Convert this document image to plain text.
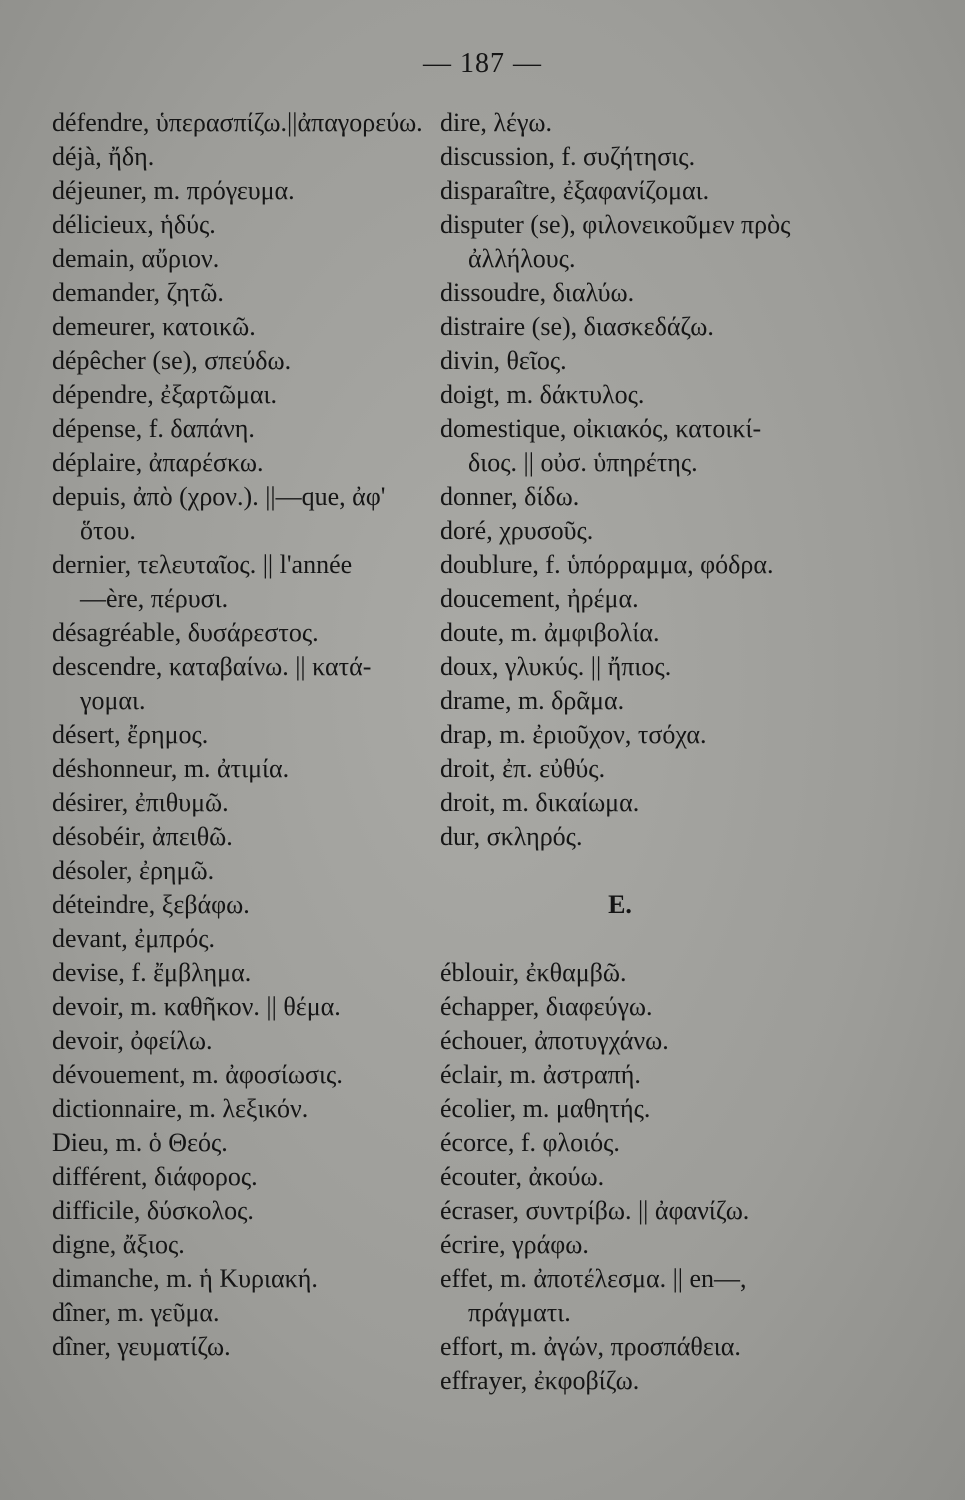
— 187 —
défendre, ὑπερασπίζω.||ἀπαγορεύω.
déjà, ἤδη.
déjeuner, m. πρόγευμα.
délicieux, ἡδύς.
demain, αὔριον.
demander, ζητῶ.
demeurer, κατοικῶ.
dépêcher (se), σπεύδω.
dépendre, ἐξαρτῶμαι.
dépense, f. δαπάνη.
déplaire, ἀπαρέσκω.
depuis, ἀπὸ (χρον.). ||—que, ἀφ'
ὅτου.
dernier, τελευταῖος. || l'année
—ère, πέρυσι.
désagréable, δυσάρεστος.
descendre, καταβαίνω. || κατά-
γομαι.
désert, ἔρημος.
déshonneur, m. ἀτιμία.
désirer, ἐπιθυμῶ.
désobéir, ἀπειθῶ.
désoler, ἐρημῶ.
déteindre, ξεβάφω.
devant, ἐμπρός.
devise, f. ἔμβλημα.
devoir, m. καθῆκον. || θέμα.
devoir, ὀφείλω.
dévouement, m. ἀφοσίωσις.
dictionnaire, m. λεξικόν.
Dieu, m. ὁ Θεός.
différent, διάφορος.
difficile, δύσκολος.
digne, ἄξιος.
dimanche, m. ἡ Κυριακή.
dîner, m. γεῦμα.
dîner, γευματίζω.
dire, λέγω.
discussion, f. συζήτησις.
disparaître, ἐξαφανίζομαι.
disputer (se), φιλονεικοῦμεν πρὸς
ἀλλήλους.
dissoudre, διαλύω.
distraire (se), διασκεδάζω.
divin, θεῖος.
doigt, m. δάκτυλος.
domestique, οἰκιακός, κατοικί-
διος. || οὐσ. ὑπηρέτης.
donner, δίδω.
doré, χρυσοῦς.
doublure, f. ὑπόρραμμα, φόδρα.
doucement, ἠρέμα.
doute, m. ἀμφιβολία.
doux, γλυκύς. || ἤπιος.
drame, m. δρᾶμα.
drap, m. ἐριοῦχον, τσόχα.
droit, ἐπ. εὐθύς.
droit, m. δικαίωμα.
dur, σκληρός.
E.
éblouir, ἐκθαμβῶ.
échapper, διαφεύγω.
échouer, ἀποτυγχάνω.
éclair, m. ἀστραπή.
écolier, m. μαθητής.
écorce, f. φλοιός.
écouter, ἀκούω.
écraser, συντρίβω. || ἀφανίζω.
écrire, γράφω.
effet, m. ἀποτέλεσμα. || en—,
πράγματι.
effort, m. ἀγών, προσπάθεια.
effrayer, ἐκφοβίζω.
